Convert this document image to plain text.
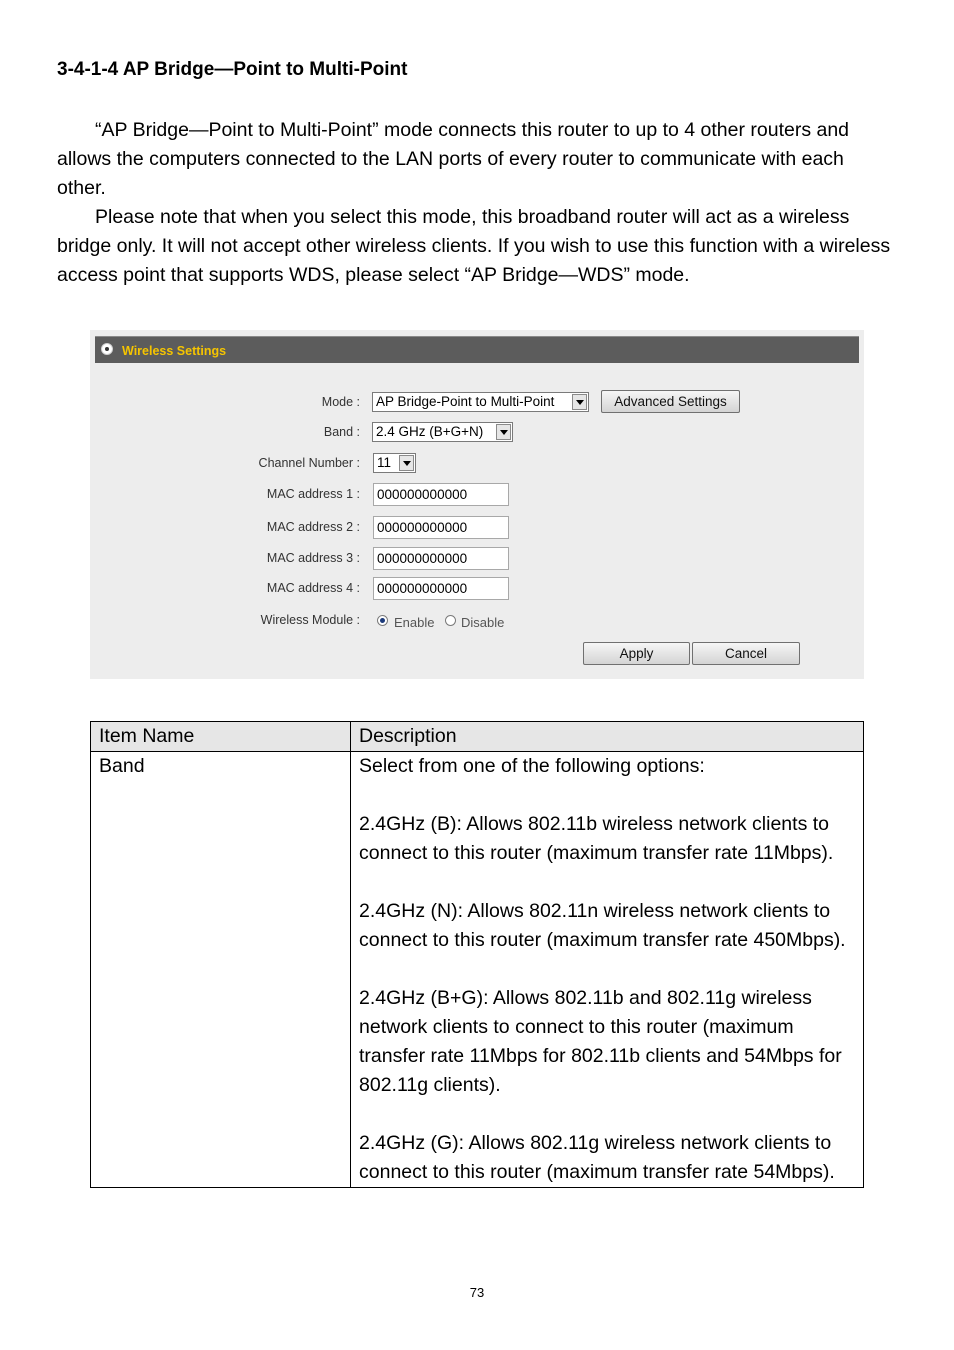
3-4-1-4 AP Bridge—Point to Multi-Point

“AP Bridge—Point to Multi-Point” mode connects this router to up to 4 other routers and allows the computers connected to the LAN ports of every router to communicate with each other.

Please note that when you select this mode, this broadband router will act as a wireless bridge only. It will not accept other wireless clients. If you wish to use this function with a wireless access point that supports WDS, please select “AP Bridge—WDS” mode.

Wireless Settings
Mode : AP Bridge-Point to Multi-Point	Advanced Settings
Band : 2.4 GHz (B+G+N)
Channel Number : 11
MAC address 1 :
000000000000
MAC address 2 :
000000000000
MAC address 3 :
000000000000
MAC address 4 :
000000000000
Wireless Module :	Enable Disable
Apply	Cancel
Item Name	Description
Band	Select from one of the following options:

2.4GHz (B): Allows 802.11b wireless network clients to connect to this router (maximum transfer rate 11Mbps).

2.4GHz (N): Allows 802.11n wireless network clients to connect to this router (maximum transfer rate 450Mbps).

2.4GHz (B+G): Allows 802.11b and 802.11g wireless network clients to connect to this router (maximum transfer rate 11Mbps for 802.11b clients and 54Mbps for 802.11g clients).

2.4GHz (G): Allows 802.11g wireless network clients to connect to this router (maximum transfer rate 54Mbps).

73
